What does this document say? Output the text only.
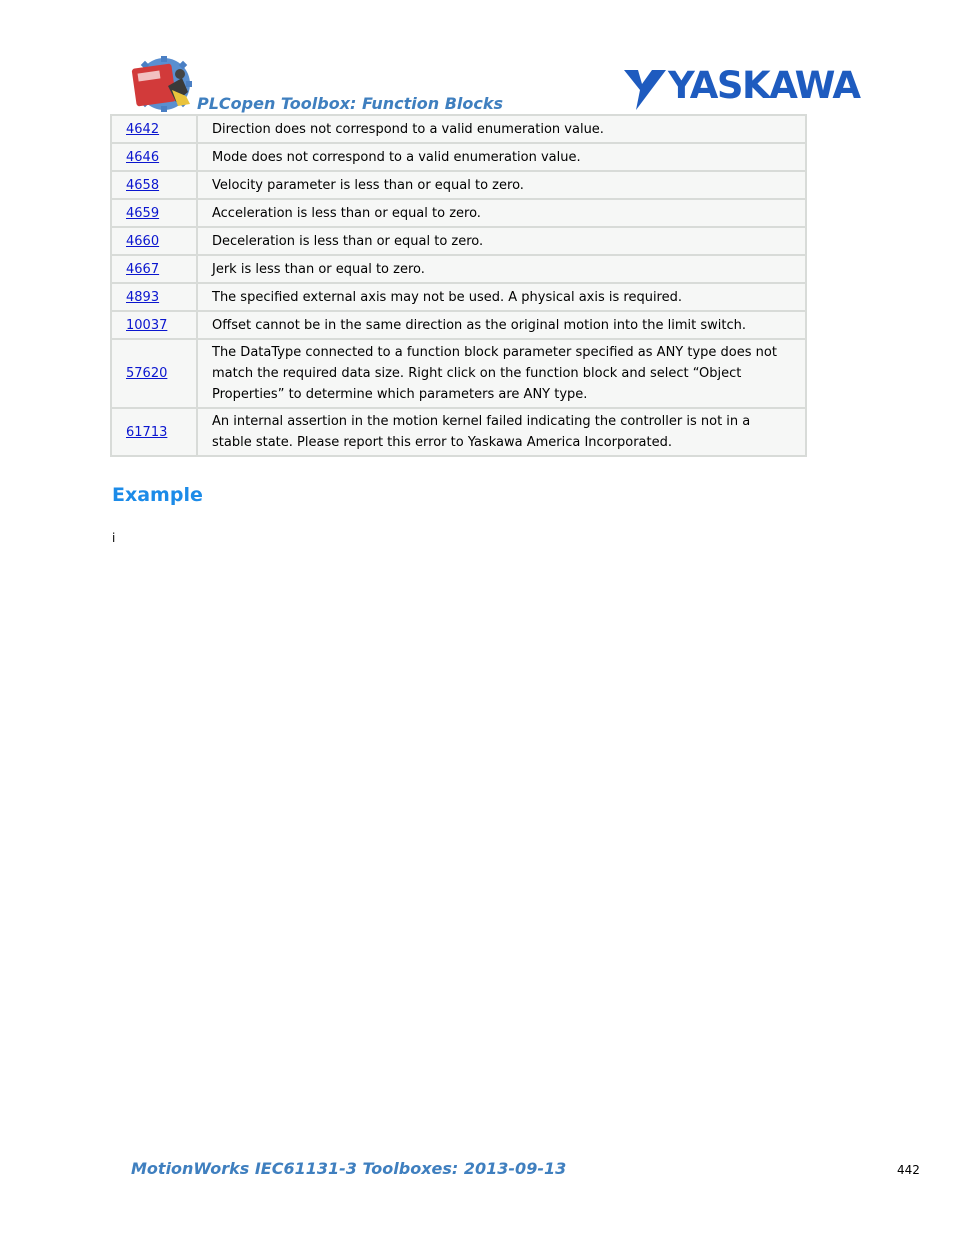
PLCopen Toolbox: Function Blocks	YASKAWA
4642	Direction does not correspond to a valid enumeration value.
4646	Mode does not correspond to a valid enumeration value.
4658	Velocity parameter is less than or equal to zero.
4659	Acceleration is less than or equal to zero.
4660	Deceleration is less than or equal to zero.
4667	Jerk is less than or equal to zero.
4893	The specified external axis may not be used. A physical axis is required.
10037	Offset cannot be in the same direction as the original motion into the limit switch.
57620	The DataType connected to a function block parameter specified as ANY type does not match the required data size. Right click on the function block and select “Object Properties” to determine which parameters are ANY type.
61713	An internal assertion in the motion kernel failed indicating the controller is not in a stable state. Please report this error to Yaskawa America Incorporated.
Example
i
MotionWorks IEC61131-3 Toolboxes: 2013-09-13	442
